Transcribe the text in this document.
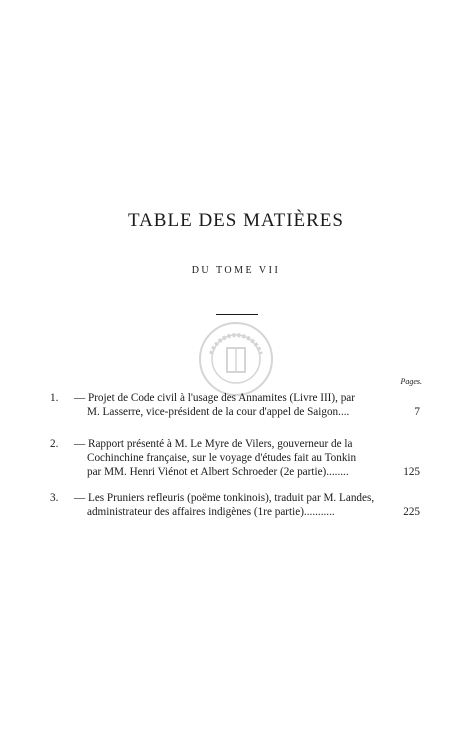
TABLE DES MATIÈRES
DU TOME VII
Pages.
1. — Projet de Code civil à l'usage des Annamites (Livre III), par
M. Lasserre, vice-président de la cour d'appel de Saigon....	7
2. — Rapport présenté à M. Le Myre de Vilers, gouverneur de la
Cochinchine française, sur le voyage d'études fait au Tonkin
par MM. Henri Viénot et Albert Schroeder (2e partie)........	125
3. — Les Pruniers refleuris (poëme tonkinois), traduit par M. Landes,
administrateur des affaires indigènes (1re partie)...........	225
